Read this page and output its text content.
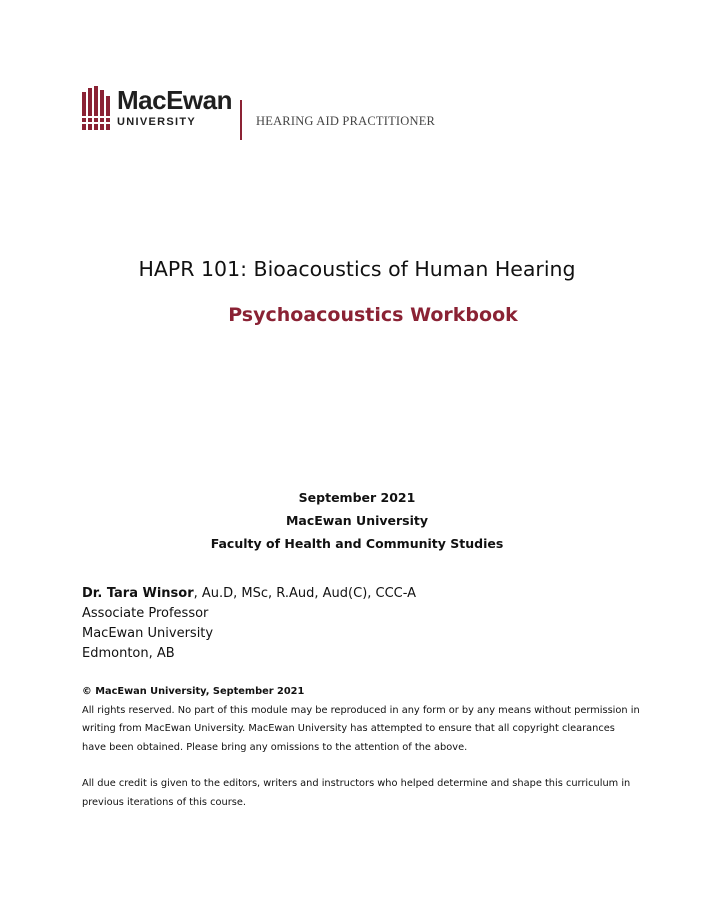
MacEwan
UNIVERSITY	HEARING AID PRACTITIONER
HAPR 101: Bioacoustics of Human Hearing
Psychoacoustics Workbook
September 2021
MacEwan University
Faculty of Health and Community Studies
Dr. Tara Winsor, Au.D, MSc, R.Aud, Aud(C), CCC-A
Associate Professor
MacEwan University
Edmonton, AB
© MacEwan University, September 2021
All rights reserved. No part of this module may be reproduced in any form or by any means without permission in writing from MacEwan University. MacEwan University has attempted to ensure that all copyright clearances have been obtained. Please bring any omissions to the attention of the above.
All due credit is given to the editors, writers and instructors who helped determine and shape this curriculum in previous iterations of this course.
